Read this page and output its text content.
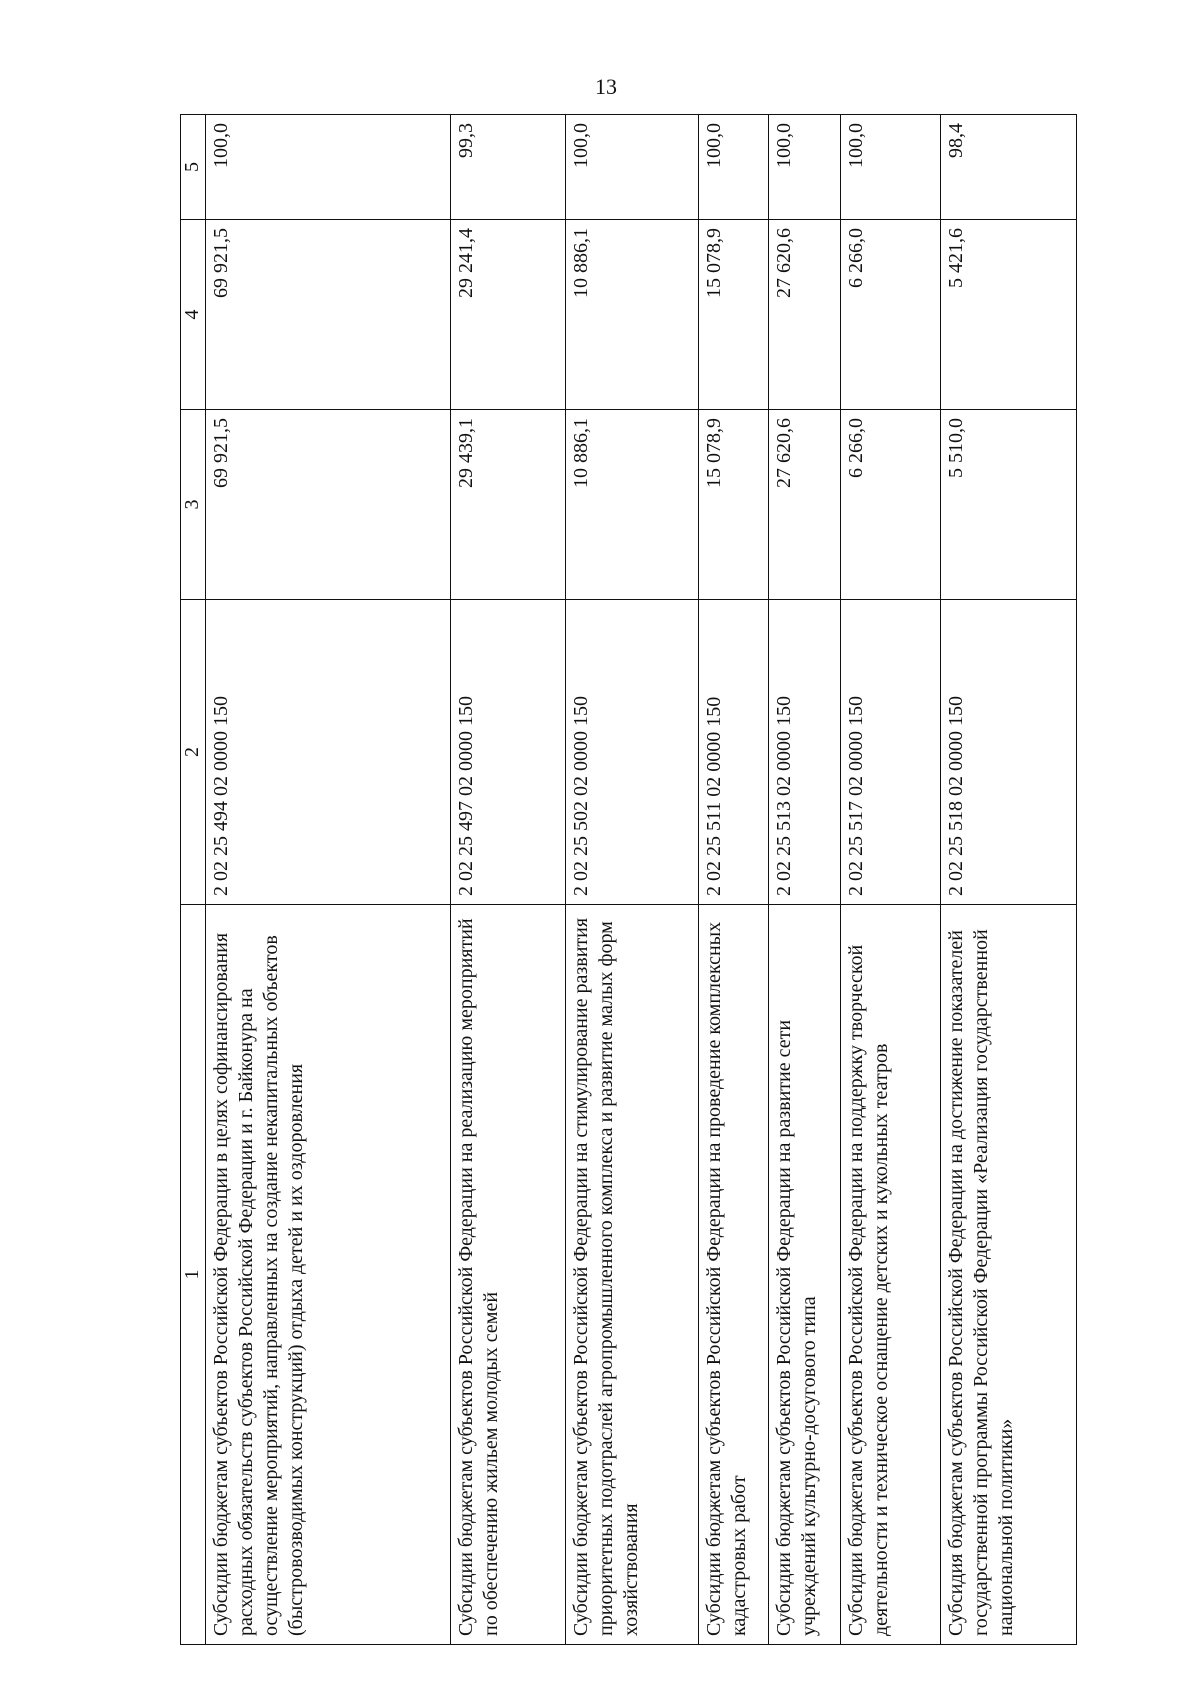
13
1	2	3	4	5
Субсидии бюджетам субъектов Российской Федерации в целях софинансирования расходных обязательств субъектов Российской Федерации и г. Байконура на осуществление мероприятий, направленных на создание некапитальных объектов (быстровозводимых конструкций) отдыха детей и их оздоровления	2 02 25 494 02 0000 150	69 921,5	69 921,5	100,0
Субсидии бюджетам субъектов Российской Федерации на реализацию мероприятий по обеспечению жильем молодых семей	2 02 25 497 02 0000 150	29 439,1	29 241,4	99,3
Субсидии бюджетам субъектов Российской Федерации на стимулирование развития приоритетных подотраслей агропромышленного комплекса и развитие малых форм хозяйствования	2 02 25 502 02 0000 150	10 886,1	10 886,1	100,0
Субсидии бюджетам субъектов Российской Федерации на проведение комплексных кадастровых работ	2 02 25 511 02 0000 150	15 078,9	15 078,9	100,0
Субсидии бюджетам субъектов Российской Федерации на развитие сети учреждений культурно-досугового типа	2 02 25 513 02 0000 150	27 620,6	27 620,6	100,0
Субсидии бюджетам субъектов Российской Федерации на поддержку творческой деятельности и техническое оснащение детских и кукольных театров	2 02 25 517 02 0000 150	6 266,0	6 266,0	100,0
Субсидия бюджетам субъектов Российской Федерации на достижение показателей государственной программы Российской Федерации «Реализация государственной национальной политики»	2 02 25 518 02 0000 150	5 510,0	5 421,6	98,4
